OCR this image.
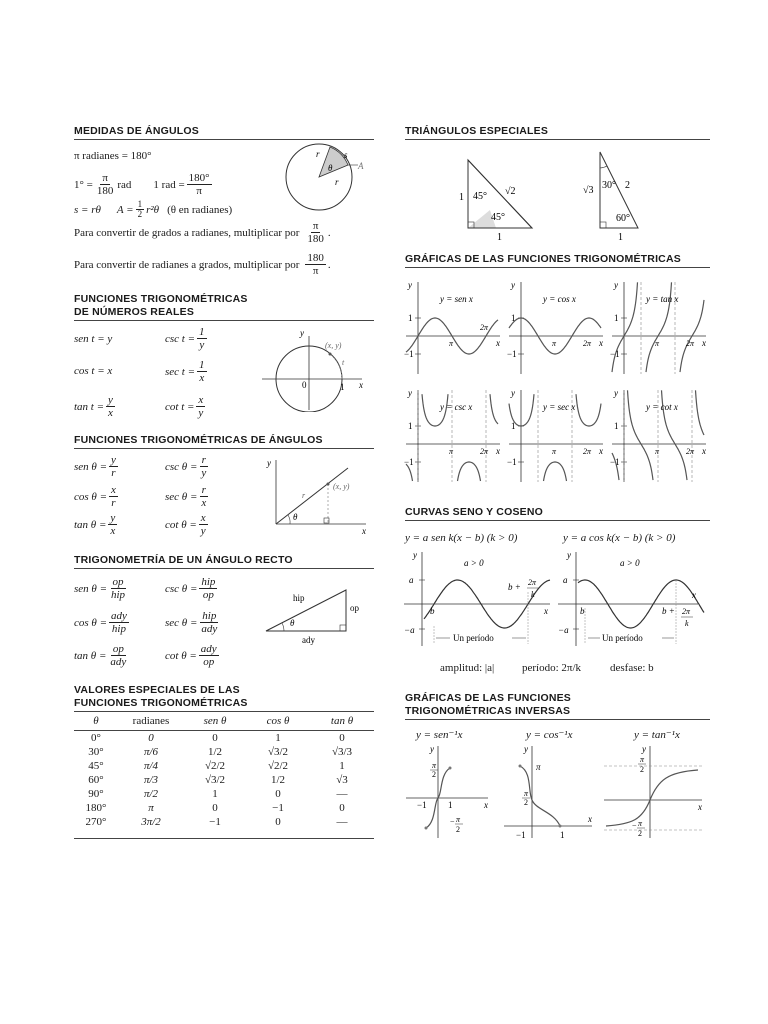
MEDIDAS DE ÁNGULOS
π radianes = 180°
$1^\circ = \frac{\pi}{180}$ rad 1 rad = $\frac{180^\circ}{\pi}$
s = rθ $A = \frac{1}{2} r^2\theta$ (θ en radianes)
Para convertir de grados a radianes, multiplicar por $\frac{\pi}{180}$ .
Para convertir de radianes a grados, multiplicar por $\frac{180}{\pi}$ .
r	s
A
θ
r
FUNCIONES TRIGONOMÉTRICAS
DE NÚMEROS REALES
sen t = y
cos t = x
$\tan t = \frac{y}{x}$
$\csc t = \frac{1}{y}$
$\sec t = \frac{1}{x}$
$\cot t = \frac{x}{y}$
y
x
(x, y)
t
0	1
FUNCIONES TRIGONOMÉTRICAS DE ÁNGULOS
sen $\theta = \frac{y}{r}$
$\cos \theta = \frac{x}{r}$
$\tan \theta = \frac{y}{x}$
$\csc \theta = \frac{r}{y}$
$\sec \theta = \frac{r}{x}$
$\cot \theta = \frac{x}{y}$
y
x
r
(x, y)
θ
TRIGONOMETRÍA DE UN ÁNGULO RECTO
sen $\theta = \frac{op}{\text{hip}}$
$\cos \theta = \frac{\text{ady}}{\text{hip}}$
$\tan \theta = \frac{op}{\text{ady}}$
$\csc \theta = \frac{\text{hip}}{op}$
$\sec \theta = \frac{\text{hip}}{\text{ady}}$
$\cot \theta = \frac{\text{ady}}{op}$
hip
op
ady
θ
VALORES ESPECIALES DE LAS
FUNCIONES TRIGONOMÉTRICAS
θ	radianes	sen θ	cos θ	tan θ
0°	0	0	1	0
30°	π/6	1/2	√3/2	√3/3
45°	π/4	√2/2	√2/2	1
60°	π/3	√3/2	1/2	√3
90°	π/2	1	0	—
180°	π	0	−1	0
270°	3π/2	−1	0	—
TRIÁNGULOS ESPECIALES
1 45° √2
45°
1
√3 30° 2
60°
1
GRÁFICAS DE LAS FUNCIONES TRIGONOMÉTRICAS
y
x
1
−1
π
2π
y = sen x
y
x
1
−1
π	2π
y = cos x
y
x
1
−1
π	2π
y = tan x
y
x
1
−1
π	2π
y = csc x
y
x
1
−1
π	2π
y = sec x
y
x
1
−1
π	2π
y = cot x
CURVAS SENO Y COSENO
y = a sen k(x − b) (k > 0)	y = a cos k(x − b) (k > 0)
y
x
a
−a
b
a > 0
b + 2π
k
Un período
y
x
a
−a
b
a > 0
b + 2π
k
Un período
amplitud: |a|	período: 2π/k	desfase: b
GRÁFICAS DE LAS FUNCIONES
TRIGONOMÉTRICAS INVERSAS
y = sen⁻¹x	y = cos⁻¹x	y = tan⁻¹x
y
x
−1 1
π
2
− π
2
y
x
−1	1
π
π
2
y
x
π
2
− π
2
